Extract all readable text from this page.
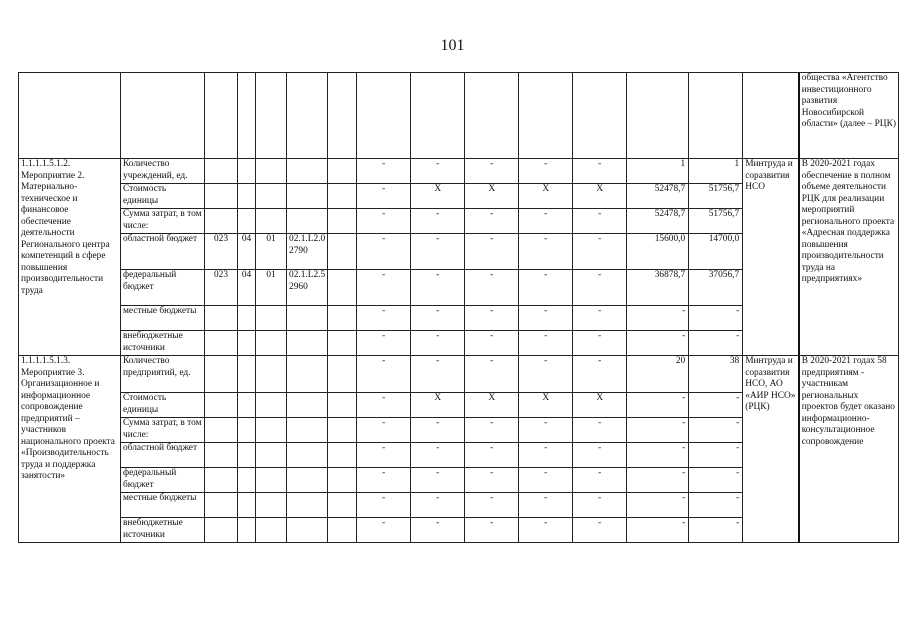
101
															общества «Агентство инвестиционного развития Новосибирской области» (далее – РЦК)
1.1.1.1.5.1.2. Мероприятие 2. Материально-техническое и финансовое обеспечение деятельности Регионального центра компетенций в сфере повышения производительности труда	Количество учреждений, ед.						-	-	-	-	-	1	1	Минтруда и соразвития НСО	В 2020-2021 годах обеспечение в полном объеме деятельности РЦК для реализации мероприятий регионального проекта «Адресная поддержка повышения производительности труда на предприятиях»
	Стоимость единицы						-	X	X	X	X	52478,7	51756,7		
	Сумма затрат, в том числе:						-	-	-	-	-	52478,7	51756,7		
	областной бюджет	023	04	01	02.1.L2.0 2790		-	-	-	-	-	15600,0	14700,0		
	федеральный бюджет	023	04	01	02.1.L2.5 2960		-	-	-	-	-	36878,7	37056,7		
	местные бюджеты						-	-	-	-	-	-	-		
	внебюджетные источники						-	-	-	-	-	-	-		
1.1.1.1.5.1.3. Мероприятие 3. Организационное и информационное сопровождение предприятий – участников национального проекта «Производительность труда и поддержка занятости»	Количество предприятий, ед.						-	-	-	-	-	20	38	Минтруда и соразвития НСО, АО «АИР НСО» (РЦК)	В 2020-2021 годах 58 предприятиям - участникам региональных проектов будет оказано информационно-консультационное сопровождение
	Стоимость единицы						-	X	X	X	X	-	-		
	Сумма затрат, в том числе:						-	-	-	-	-	-	-		
	областной бюджет						-	-	-	-	-	-	-		
	федеральный бюджет						-	-	-	-	-	-	-		
	местные бюджеты						-	-	-	-	-	-	-		
	внебюджетные источники						-	-	-	-	-	-	-		
